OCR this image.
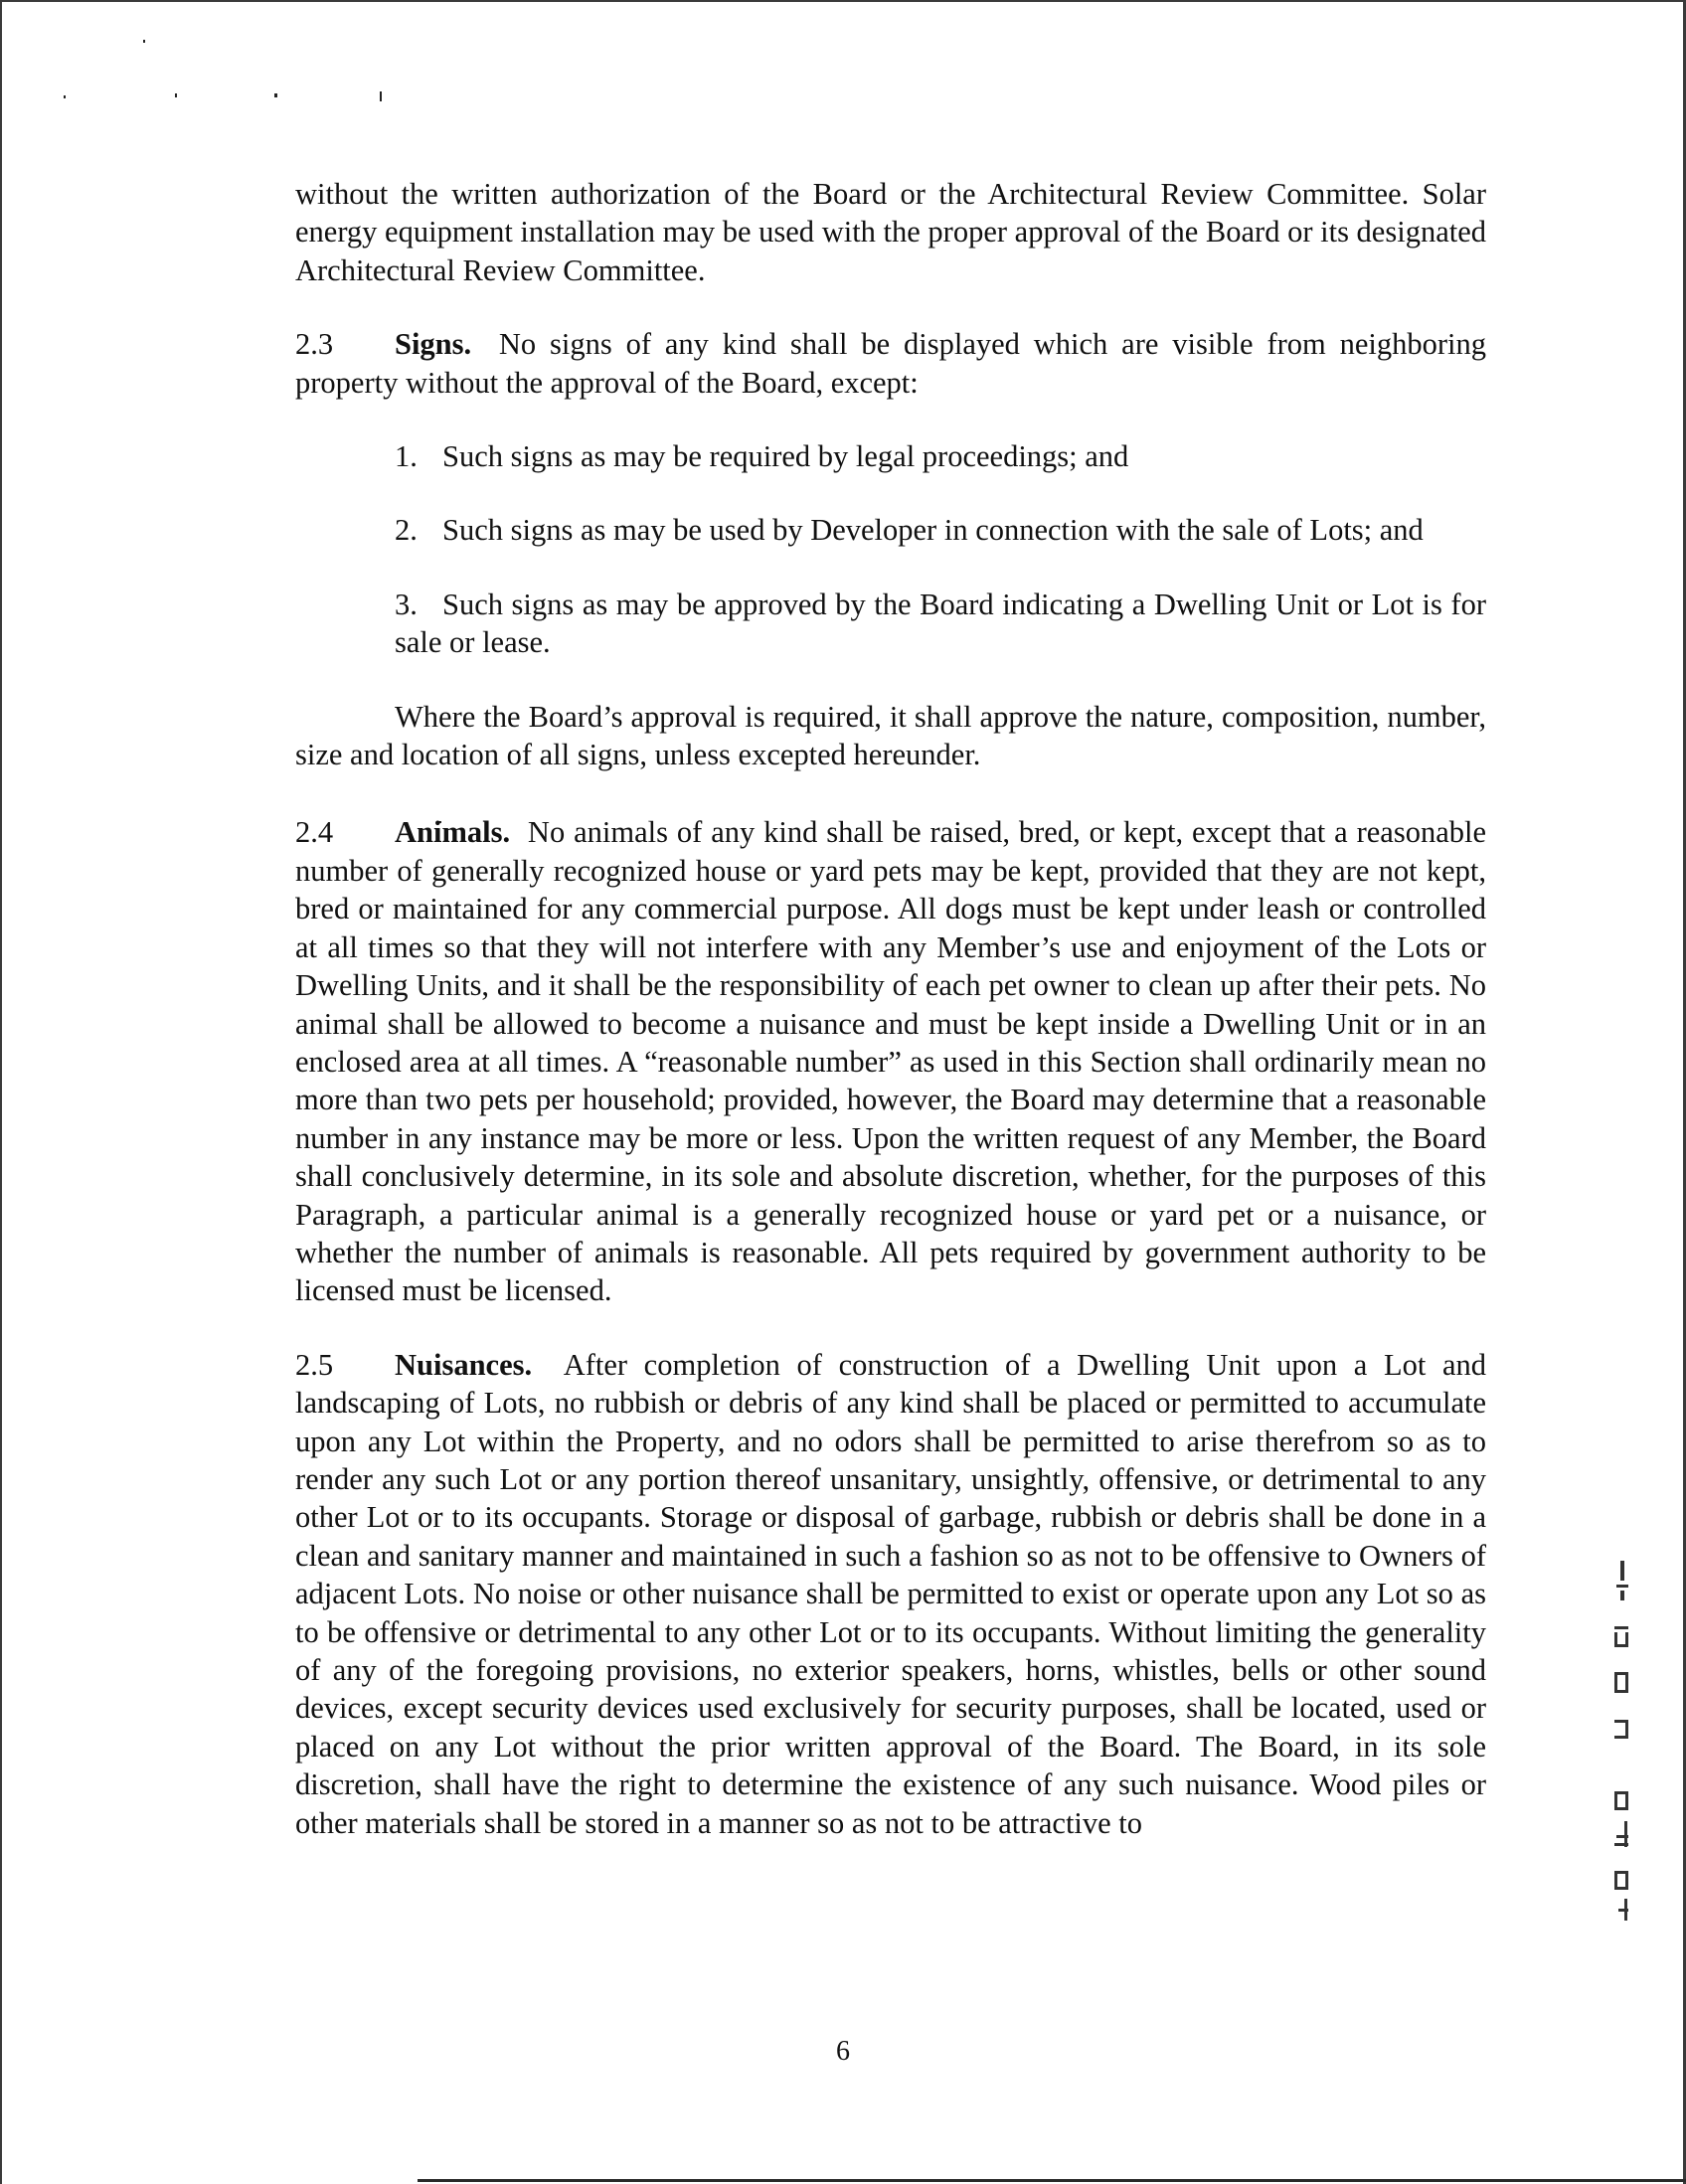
without the written authorization of the Board or the Architectural Review Committee. Solar energy equipment installation may be used with the proper approval of the Board or its designated Architectural Review Committee.

2.3 Signs. No signs of any kind shall be displayed which are visible from neighboring property without the approval of the Board, except:

1. Such signs as may be required by legal proceedings; and

2. Such signs as may be used by Developer in connection with the sale of Lots; and

3. Such signs as may be approved by the Board indicating a Dwelling Unit or Lot is for sale or lease.

Where the Board’s approval is required, it shall approve the nature, composition, number, size and location of all signs, unless excepted hereunder.

2.4 Animals. No animals of any kind shall be raised, bred, or kept, except that a reasonable number of generally recognized house or yard pets may be kept, provided that they are not kept, bred or maintained for any commercial purpose. All dogs must be kept under leash or controlled at all times so that they will not interfere with any Member’s use and enjoyment of the Lots or Dwelling Units, and it shall be the responsibility of each pet owner to clean up after their pets. No animal shall be allowed to become a nuisance and must be kept inside a Dwelling Unit or in an enclosed area at all times. A “reasonable number” as used in this Section shall ordinarily mean no more than two pets per household; provided, however, the Board may determine that a reasonable number in any instance may be more or less. Upon the written request of any Member, the Board shall conclusively determine, in its sole and absolute discretion, whether, for the purposes of this Paragraph, a particular animal is a generally recognized house or yard pet or a nuisance, or whether the number of animals is reasonable. All pets required by government authority to be licensed must be licensed.

2.5 Nuisances. After completion of construction of a Dwelling Unit upon a Lot and landscaping of Lots, no rubbish or debris of any kind shall be placed or permitted to accumulate upon any Lot within the Property, and no odors shall be permitted to arise therefrom so as to render any such Lot or any portion thereof unsanitary, unsightly, offensive, or detrimental to any other Lot or to its occupants. Storage or disposal of garbage, rubbish or debris shall be done in a clean and sanitary manner and maintained in such a fashion so as not to be offensive to Owners of adjacent Lots. No noise or other nuisance shall be permitted to exist or operate upon any Lot so as to be offensive or detrimental to any other Lot or to its occupants. Without limiting the generality of any of the foregoing provisions, no exterior speakers, horns, whistles, bells or other sound devices, except security devices used exclusively for security purposes, shall be located, used or placed on any Lot without the prior written approval of the Board. The Board, in its sole discretion, shall have the right to determine the existence of any such nuisance. Wood piles or other materials shall be stored in a manner so as not to be attractive to

6
